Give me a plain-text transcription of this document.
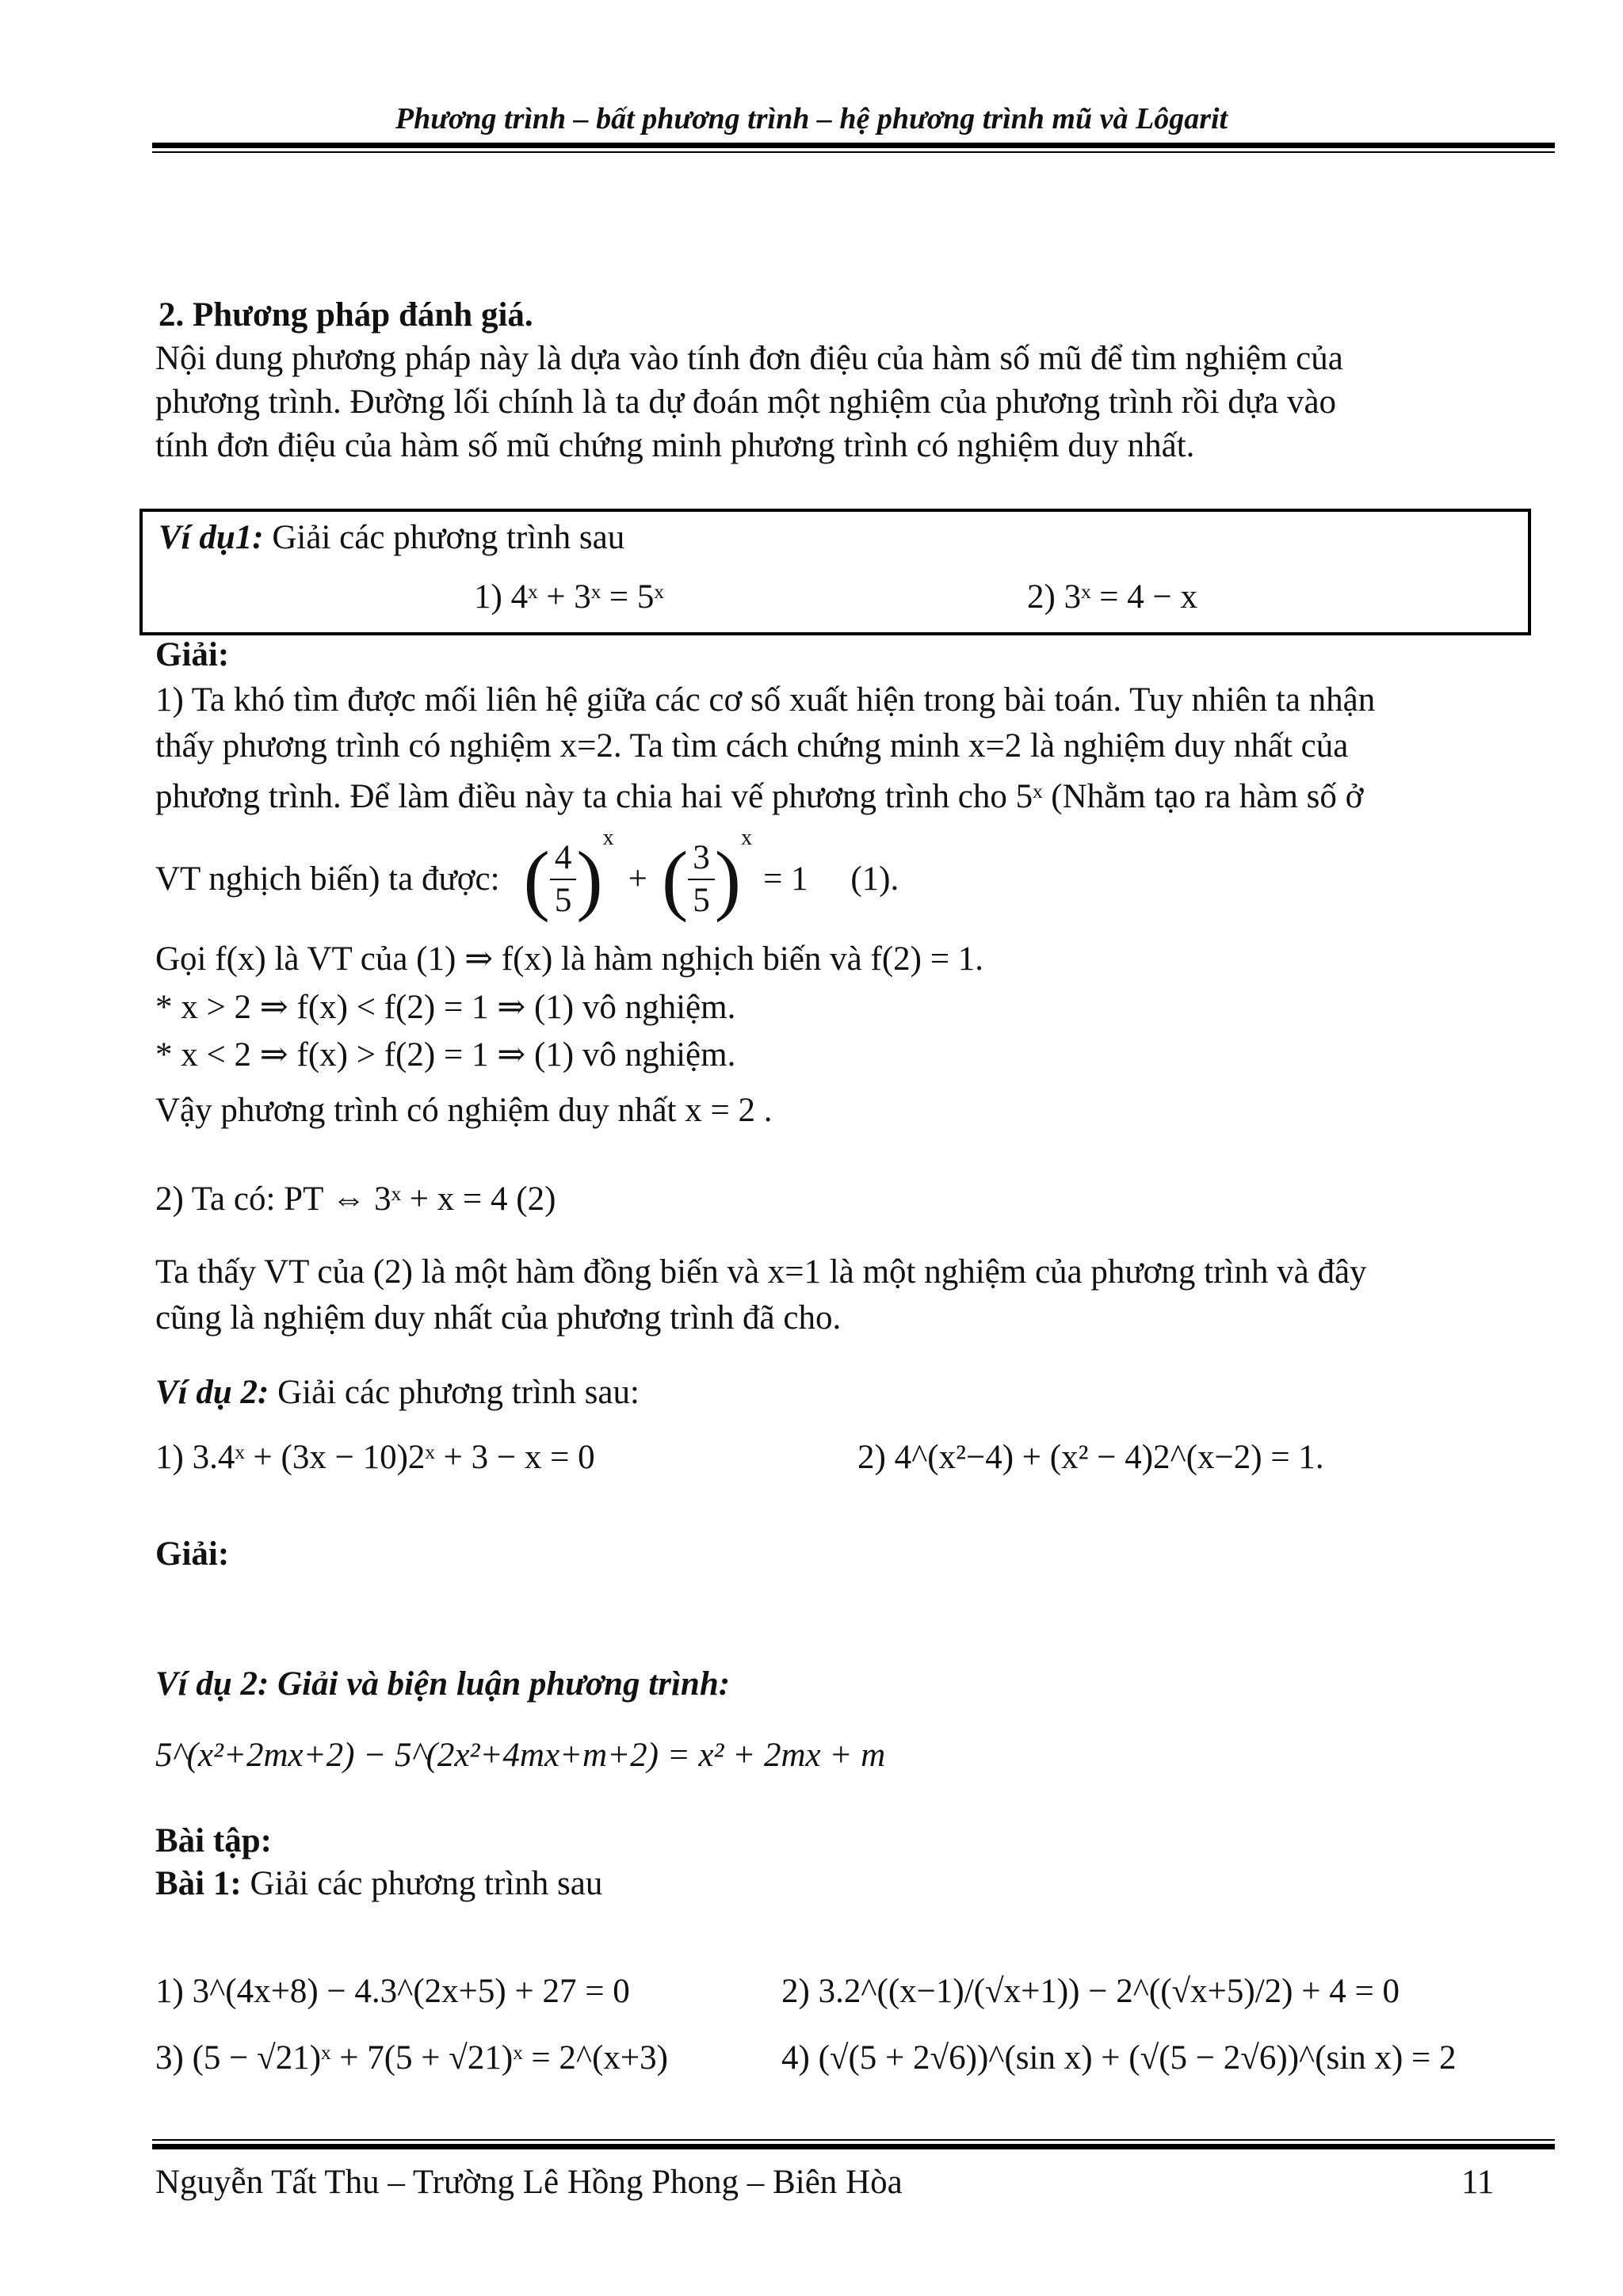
Phương trình – bất phương trình – hệ phương trình mũ và Lôgarit
2. Phương pháp đánh giá.
Nội dung phương pháp này là dựa vào tính đơn điệu của hàm số mũ để tìm nghiệm của
phương trình. Đường lối chính là ta dự đoán một nghiệm của phương trình rồi dựa vào
tính đơn điệu của hàm số mũ chứng minh phương trình có nghiệm duy nhất.
Ví dụ1: Giải các phương trình sau
1) 4ˣ + 3ˣ = 5ˣ	2) 3ˣ = 4 − x
Giải:
1) Ta khó tìm được mối liên hệ giữa các cơ số xuất hiện trong bài toán. Tuy nhiên ta nhận
thấy phương trình có nghiệm x=2. Ta tìm cách chứng minh x=2 là nghiệm duy nhất của
phương trình. Để làm điều này ta chia hai vế phương trình cho 5ˣ (Nhằm tạo ra hàm số ở
VT nghịch biến) ta được: ( $\frac{4}{5}$ ) x
+ ( $\frac{3}{5}$ ) x
= 1     (1).
Gọi f(x) là VT của (1) ⇒ f(x) là hàm nghịch biến và f(2) = 1.
* x > 2 ⇒ f(x) < f(2) = 1 ⇒ (1) vô nghiệm.
* x < 2 ⇒ f(x) > f(2) = 1 ⇒ (1) vô nghiệm.
Vậy phương trình có nghiệm duy nhất x = 2 .
2) Ta có: PT ⇔ 3ˣ + x = 4 (2)
Ta thấy VT của (2) là một hàm đồng biến và x=1 là một nghiệm của phương trình và đây
cũng là nghiệm duy nhất của phương trình đã cho.
Ví dụ 2: Giải các phương trình sau:
1) 3.4ˣ + (3x − 10)2ˣ + 3 − x = 0	2) 4^(x²−4) + (x² − 4)2^(x−2) = 1.
Giải:
Ví dụ 2: Giải và biện luận phương trình:
5^(x²+2mx+2) − 5^(2x²+4mx+m+2) = x² + 2mx + m
Bài tập:
Bài 1: Giải các phương trình sau
1) 3^(4x+8) − 4.3^(2x+5) + 27 = 0	2) 3.2^((x−1)/(√x+1)) − 2^((√x+5)/2) + 4 = 0
3) (5 − √21)ˣ + 7(5 + √21)ˣ = 2^(x+3)	4) (√(5 + 2√6))^(sin x) + (√(5 − 2√6))^(sin x) = 2
Nguyễn Tất Thu – Trường Lê Hồng Phong – Biên Hòa	11
